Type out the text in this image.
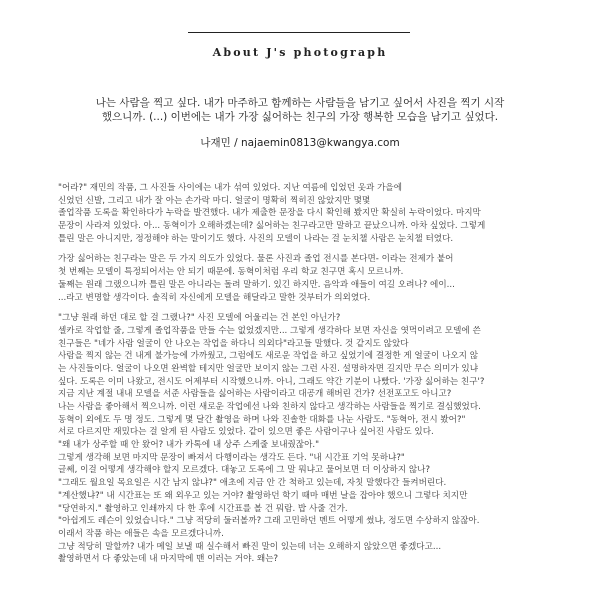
About J's photograph

나는 사람을 찍고 싶다. 내가 마주하고 함께하는 사람들을 남기고 싶어서 사진을 찍기 시작
했으니까. (...) 이번에는 내가 가장 싫어하는 친구의 가장 행복한 모습을 남기고 싶었다.

나재민 / najaemin0813@kwangya.com
"어라?" 재민의 작품, 그 사진들 사이에는 내가 섞여 있었다. 지난 여름에 입었던 옷과 가을에
신었던 신발, 그리고 내가 잘 아는 손가락 마디. 얼굴이 명확히 찍히진 않았지만 몇몇
졸업작품 도록을 확인하다가 누락을 발견했다. 내가 제출한 문장을 다시 확인해 봤지만 확실히 누락이었다. 마지막
문장이 사라져 있었다. 아... 동혁이가 오해하겠는데? 싫어하는 친구라고만 말하고 끝났으니까. 아차 싶었다. 그렇게
틀린 말은 아니지만, 정정해야 하는 말이기도 했다. 사진의 모델이 나라는 걸 눈치챌 사람은 눈치챌 터였다.
가장 싫어하는 친구라는 말은 두 가지 의도가 있었다. 물론 사진과 졸업 전시를 본다면- 이라는 전제가 붙어
첫 번째는 모델이 특정되어서는 안 되기 때문에. 동혁이처럼 우리 학교 친구면 혹시 모르니까.
둘째는 원래 그랬으니까 틀린 말은 아니라는 돌려 말하기. 있긴 하지만. 음악과 애들이 여길 오려나? 에이...
...라고 변명할 생각이다. 솔직히 자신에게 모델을 해달라고 말한 것부터가 의외였다.
"그냥 원래 하던 대로 할 걸 그랬나?" 사진 모델에 어울리는 건 본인 아닌가?
셀카로 작업할 줄, 그렇게 졸업작품을 만들 수는 없었겠지만... 그렇게 생각하다 보면 자신을 엿먹이려고 모델에 쓴
친구들은 "네가 사람 얼굴이 안 나오는 작업을 하다니 의외다"라고들 말했다. 것 같지도 않았다
사람을 찍지 않는 건 내게 불가능에 가까웠고, 그럼에도 새로운 작업을 하고 싶었기에 결정한 게 얼굴이 나오지 않
는 사진들이다. 얼굴이 나오면 완벽할 테지만 얼굴만 보이지 않는 그런 사진. 설명하자면 길지만 무슨 의미가 있냐
싶다. 도록은 이미 나왔고, 전시도 어제부터 시작했으니까. 아니, 그래도 약간 기분이 나빴다. '가장 싫어하는 친구'?
지금 지난 계절 내내 모델을 서준 사람들을 싫어하는 사람이라고 대공개 해버린 건가? 선전포고도 아니고?
나는 사람을 좋아해서 찍으니까. 이런 새로운 작업에선 나와 친하지 않다고 생각하는 사람들을 찍기로 결심했었다.
동혁이 외에도 두 명 정도. 그렇게 몇 달간 촬영을 하며 나와 진솔한 대화를 나눈 사람도. "동혁아, 전시 봤어?"
서로 다르지만 재밌다는 걸 알게 된 사람도 있었다. 같이 있으면 좋은 사람이구나 싶어진 사람도 있다.
"왜 내가 상주할 때 안 왔어? 내가 카톡에 내 상주 스케줄 보내줬잖아."
그렇게 생각해 보면 마지막 문장이 빠져서 다행이라는 생각도 든다. "내 시간표 기억 못하냐?"
글쎄, 이걸 어떻게 생각해야 할지 모르겠다. 대놓고 도록에 그 말 뭐냐고 물어보면 더 이상하지 않나?
"그래도 월요일 목요일은 시간 남지 않냐?" 애초에 지금 안 간 척하고 있는데, 자칫 말했다간 들켜버린다.
"계산했냐?" 내 시간표는 또 왜 외우고 있는 거야? 촬영하던 학기 때마 매번 날을 잡아야 했으니 그렇다 치지만
"당연하지." 촬영하고 인쇄까지 다 한 후에 시간표를 볼 건 뭐람. 밥 사줄 건가.
"아쉽게도 레슨이 있었습니다." 그냥 적당히 둘러볼까? 그래 고민하던 멘트 어떻게 썼냐, 정도면 수상하지 않잖아.
이래서 작품 하는 애들은 속을 모르겠다니까.
그냥 적당히 말할까? 내가 메일 보낼 때 실수해서 빠진 말이 있는데 너는 오해하지 않았으면 좋겠다고...
촬영하면서 다 좋았는데 내 마지막에 맨 이러는 거야. 왜는?
